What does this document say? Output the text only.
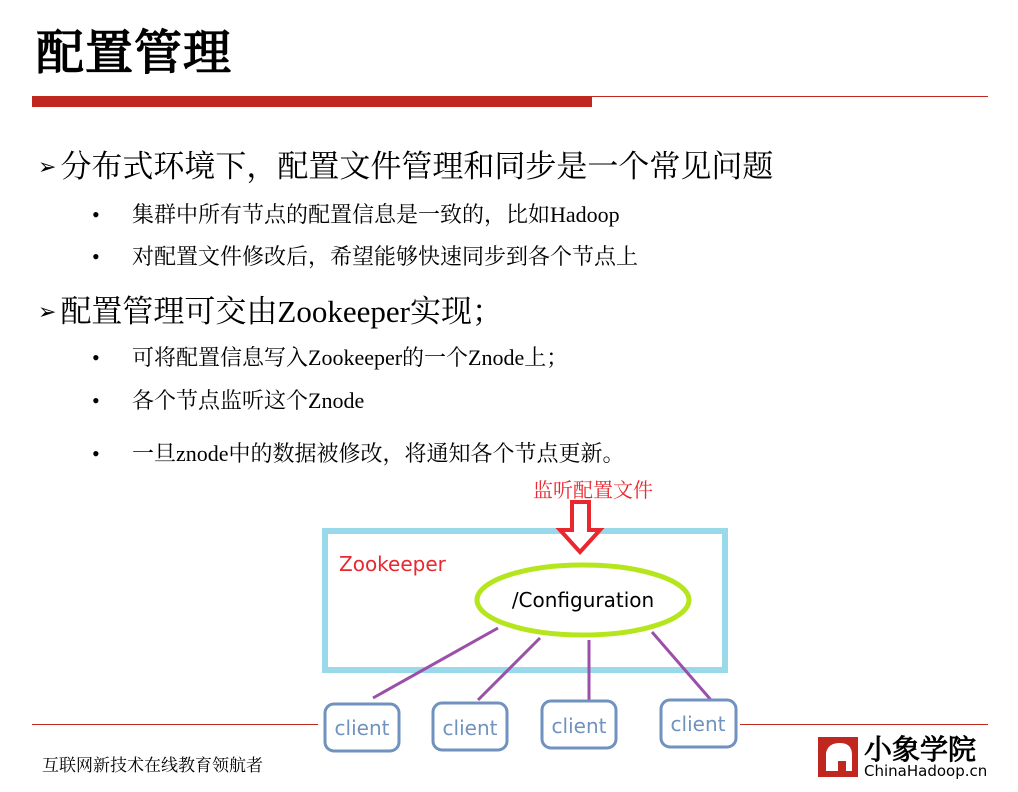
配置管理
➢ 分布式环境下，配置文件管理和同步是一个常见问题
• 集群中所有节点的配置信息是一致的，比如Hadoop
• 对配置文件修改后，希望能够快速同步到各个节点上
➢ 配置管理可交由Zookeeper实现；
• 可将配置信息写入Zookeeper的一个Znode上；
• 各个节点监听这个Znode
• 一旦znode中的数据被修改，将通知各个节点更新。
监听配置文件
Zookeeper
/Configuration
client	client	client	client
互联网新技术在线教育领航者	小象学院
ChinaHadoop.cn
